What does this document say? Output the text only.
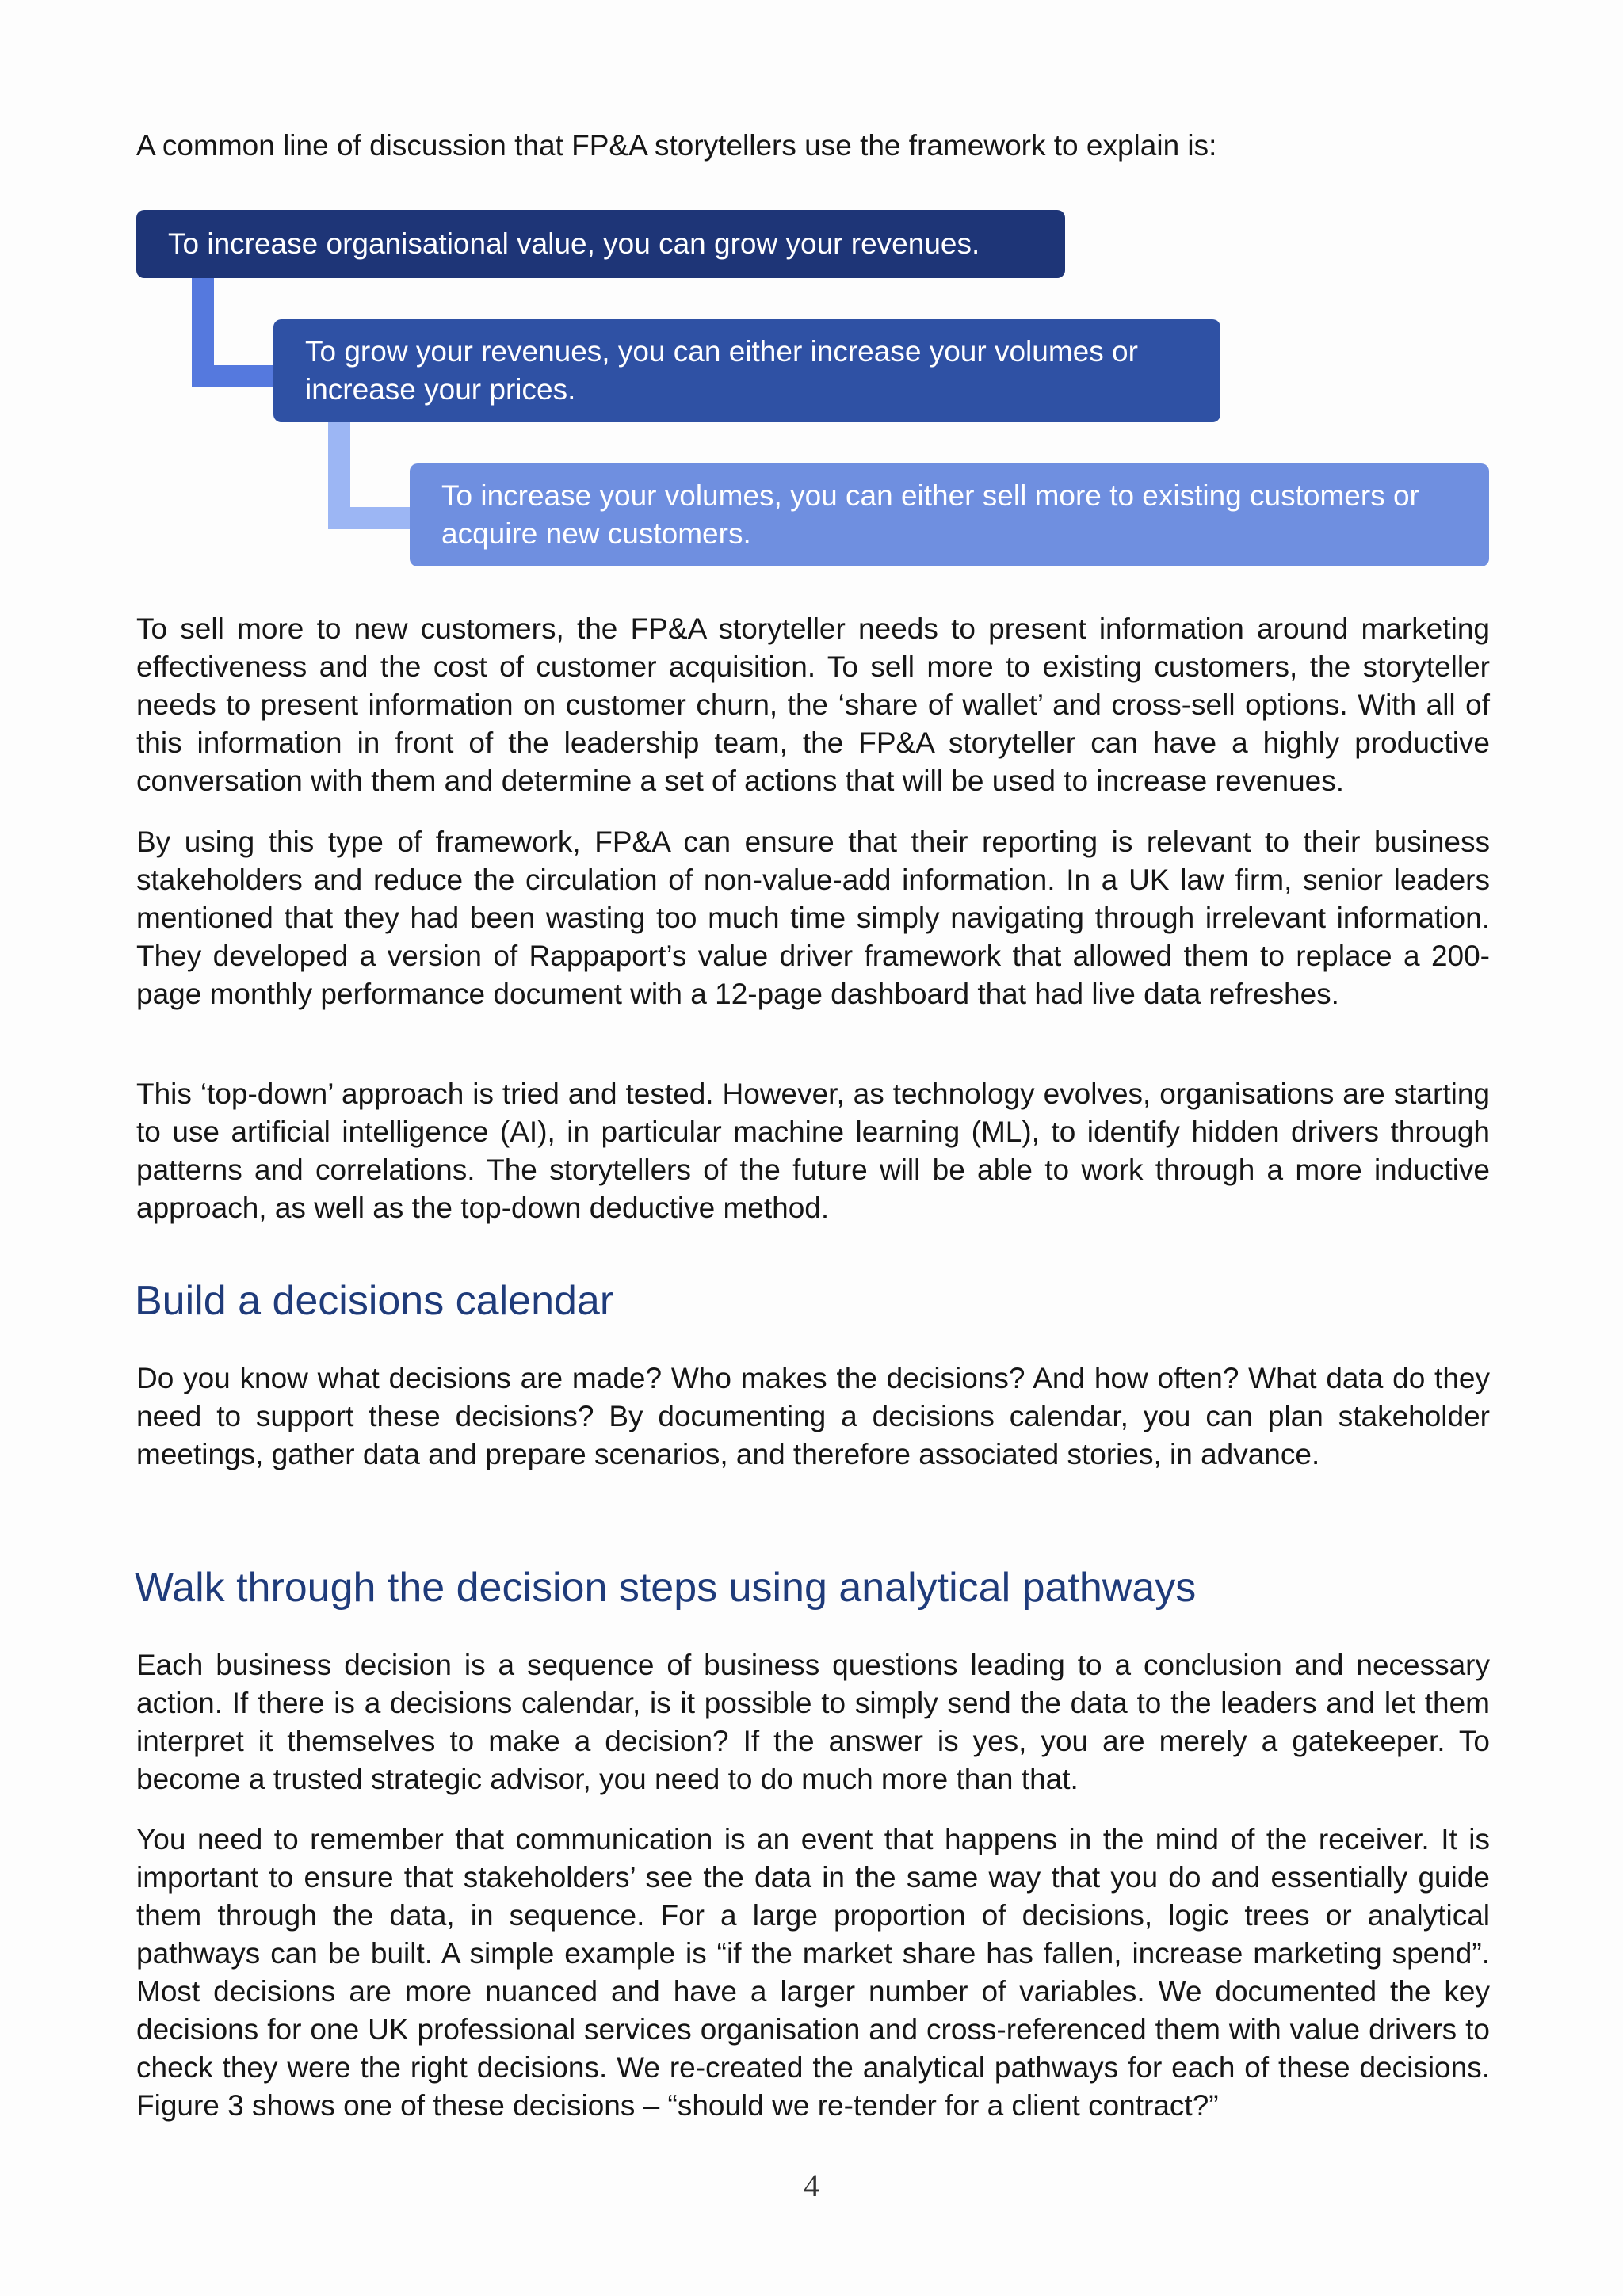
A common line of discussion that FP&A storytellers use the framework to explain is:

To increase organisational value, you can grow your revenues.
To grow your revenues, you can either increase your volumes or increase your prices.
To increase your volumes, you can either sell more to existing customers or acquire new customers.

To sell more to new customers, the FP&A storyteller needs to present information around marketing effectiveness and the cost of customer acquisition. To sell more to existing customers, the storyteller needs to present information on customer churn, the ‘share of wallet’ and cross-sell options. With all of this information in front of the leadership team, the FP&A storyteller can have a highly productive conversation with them and determine a set of actions that will be used to increase revenues.

By using this type of framework, FP&A can ensure that their reporting is relevant to their business stakeholders and reduce the circulation of non-value-add information. In a UK law firm, senior leaders mentioned that they had been wasting too much time simply navigating through irrelevant information. They developed a version of Rappaport’s value driver framework that allowed them to replace a 200-page monthly performance document with a 12-page dashboard that had live data refreshes.

This ‘top-down’ approach is tried and tested. However, as technology evolves, organisations are starting to use artificial intelligence (AI), in particular machine learning (ML), to identify hidden drivers through patterns and correlations. The storytellers of the future will be able to work through a more inductive approach, as well as the top-down deductive method.

Build a decisions calendar

Do you know what decisions are made? Who makes the decisions? And how often? What data do they need to support these decisions? By documenting a decisions calendar, you can plan stakeholder meetings, gather data and prepare scenarios, and therefore associated stories, in advance.

Walk through the decision steps using analytical pathways

Each business decision is a sequence of business questions leading to a conclusion and necessary action. If there is a decisions calendar, is it possible to simply send the data to the leaders and let them interpret it themselves to make a decision? If the answer is yes, you are merely a gatekeeper. To become a trusted strategic advisor, you need to do much more than that.

You need to remember that communication is an event that happens in the mind of the receiver. It is important to ensure that stakeholders’ see the data in the same way that you do and essentially guide them through the data, in sequence. For a large proportion of decisions, logic trees or analytical pathways can be built. A simple example is “if the market share has fallen, increase marketing spend”. Most decisions are more nuanced and have a larger number of variables. We documented the key decisions for one UK professional services organisation and cross-referenced them with value drivers to check they were the right decisions. We re-created the analytical pathways for each of these decisions. Figure 3 shows one of these decisions – “should we re-tender for a client contract?”

4
